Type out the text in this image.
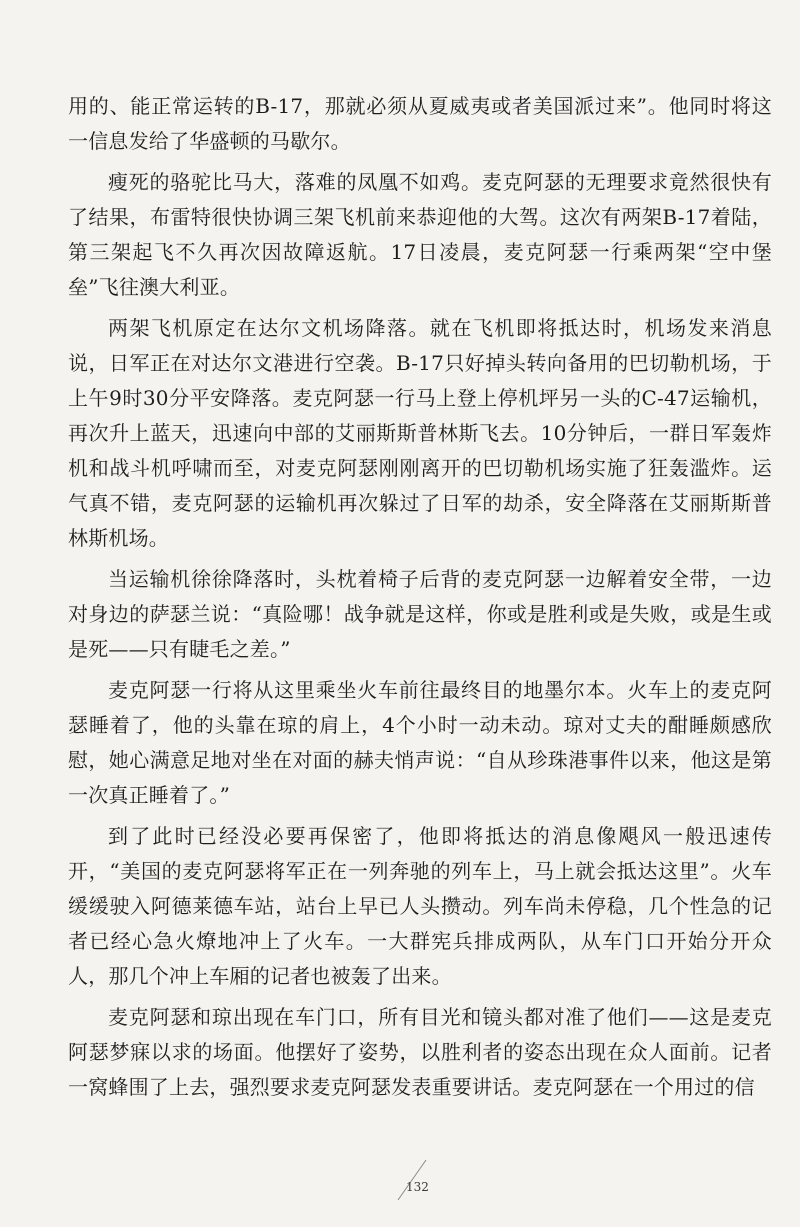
用的、能正常运转的B-17，那就必须从夏威夷或者美国派过来”。他同时将这一信息发给了华盛顿的马歇尔。

瘦死的骆驼比马大，落难的凤凰不如鸡。麦克阿瑟的无理要求竟然很快有了结果，布雷特很快协调三架飞机前来恭迎他的大驾。这次有两架B-17着陆，第三架起飞不久再次因故障返航。17日凌晨，麦克阿瑟一行乘两架“空中堡垒”飞往澳大利亚。

两架飞机原定在达尔文机场降落。就在飞机即将抵达时，机场发来消息说，日军正在对达尔文港进行空袭。B-17只好掉头转向备用的巴切勒机场，于上午9时30分平安降落。麦克阿瑟一行马上登上停机坪另一头的C-47运输机，再次升上蓝天，迅速向中部的艾丽斯斯普林斯飞去。10分钟后，一群日军轰炸机和战斗机呼啸而至，对麦克阿瑟刚刚离开的巴切勒机场实施了狂轰滥炸。运气真不错，麦克阿瑟的运输机再次躲过了日军的劫杀，安全降落在艾丽斯斯普林斯机场。

当运输机徐徐降落时，头枕着椅子后背的麦克阿瑟一边解着安全带，一边对身边的萨瑟兰说：“真险哪！战争就是这样，你或是胜利或是失败，或是生或是死——只有睫毛之差。”

麦克阿瑟一行将从这里乘坐火车前往最终目的地墨尔本。火车上的麦克阿瑟睡着了，他的头靠在琼的肩上，4个小时一动未动。琼对丈夫的酣睡颇感欣慰，她心满意足地对坐在对面的赫夫悄声说：“自从珍珠港事件以来，他这是第一次真正睡着了。”

到了此时已经没必要再保密了，他即将抵达的消息像飓风一般迅速传开，“美国的麦克阿瑟将军正在一列奔驰的列车上，马上就会抵达这里”。火车缓缓驶入阿德莱德车站，站台上早已人头攒动。列车尚未停稳，几个性急的记者已经心急火燎地冲上了火车。一大群宪兵排成两队，从车门口开始分开众人，那几个冲上车厢的记者也被轰了出来。

麦克阿瑟和琼出现在车门口，所有目光和镜头都对准了他们——这是麦克阿瑟梦寐以求的场面。他摆好了姿势，以胜利者的姿态出现在众人面前。记者一窝蜂围了上去，强烈要求麦克阿瑟发表重要讲话。麦克阿瑟在一个用过的信

132
